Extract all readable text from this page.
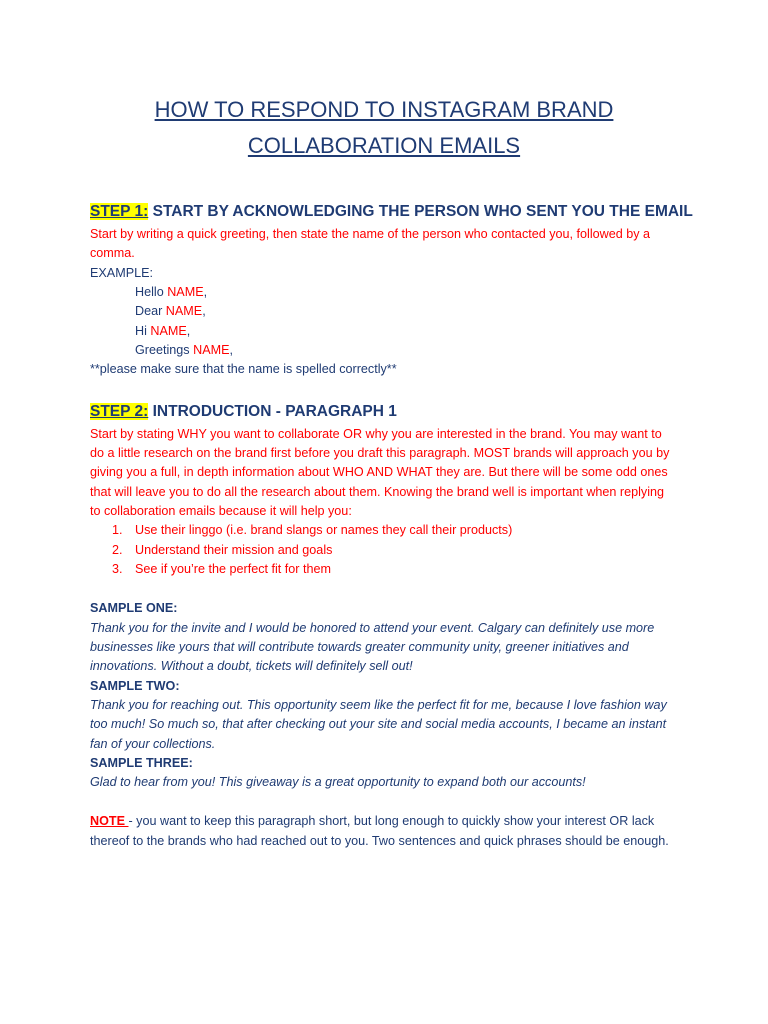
HOW TO RESPOND TO INSTAGRAM BRAND
COLLABORATION EMAILS
STEP 1: START BY ACKNOWLEDGING THE PERSON WHO SENT YOU THE EMAIL
Start by writing a quick greeting, then state the name of the person who contacted you, followed by a
comma.
EXAMPLE:
Hello NAME,
Dear NAME,
Hi NAME,
Greetings NAME,
**please make sure that the name is spelled correctly**
STEP 2: INTRODUCTION - PARAGRAPH 1
Start by stating WHY you want to collaborate OR why you are interested in the brand. You may want to
do a little research on the brand first before you draft this paragraph. MOST brands will approach you by
giving you a full, in depth information about WHO AND WHAT they are. But there will be some odd ones
that will leave you to do all the research about them. Knowing the brand well is important when replying
to collaboration emails because it will help you:
1. Use their linggo (i.e. brand slangs or names they call their products)
2. Understand their mission and goals
3. See if you’re the perfect fit for them
SAMPLE ONE:
Thank you for the invite and I would be honored to attend your event. Calgary can definitely use more
businesses like yours that will contribute towards greater community unity, greener initiatives and
innovations. Without a doubt, tickets will definitely sell out!
SAMPLE TWO:
Thank you for reaching out. This opportunity seem like the perfect fit for me, because I love fashion way
too much! So much so, that after checking out your site and social media accounts, I became an instant
fan of your collections.
SAMPLE THREE:
Glad to hear from you! This giveaway is a great opportunity to expand both our accounts!
NOTE - you want to keep this paragraph short, but long enough to quickly show your interest OR lack
thereof to the brands who had reached out to you. Two sentences and quick phrases should be enough.
